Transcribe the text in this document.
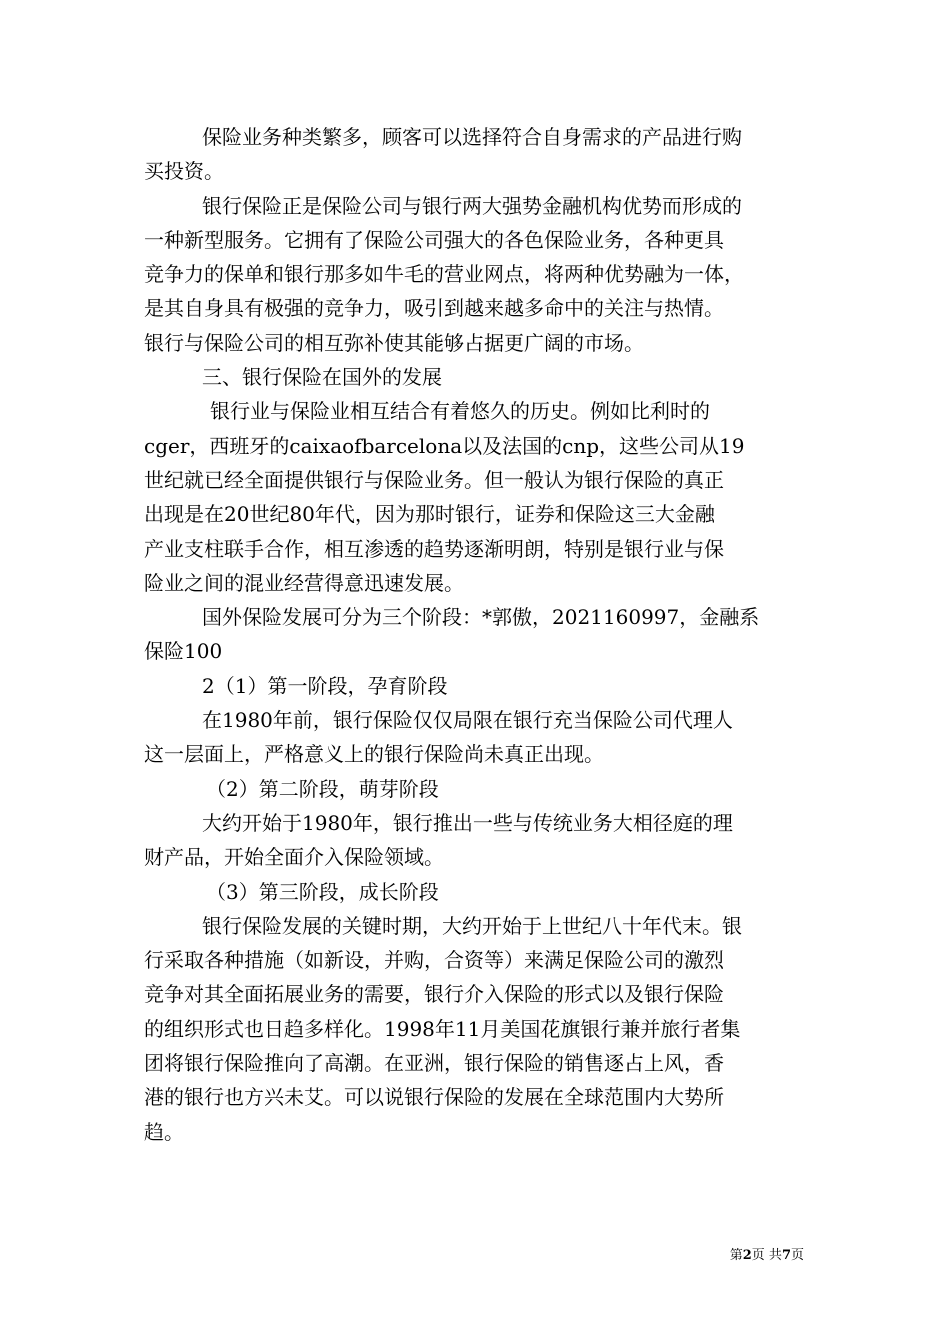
保险业务种类繁多，顾客可以选择符合自身需求的产品进行购

买投资。

银行保险正是保险公司与银行两大强势金融机构优势而形成的

一种新型服务。它拥有了保险公司强大的各色保险业务，各种更具

竞争力的保单和银行那多如牛毛的营业网点，将两种优势融为一体，

是其自身具有极强的竞争力，吸引到越来越多命中的关注与热情。

银行与保险公司的相互弥补使其能够占据更广阔的市场。

三、银行保险在国外的发展

银行业与保险业相互结合有着悠久的历史。例如比利时的

cger，西班牙的caixaofbarcelona以及法国的cnp，这些公司从19

世纪就已经全面提供银行与保险业务。但一般认为银行保险的真正

出现是在20世纪80年代，因为那时银行，证券和保险这三大金融

产业支柱联手合作，相互渗透的趋势逐渐明朗，特别是银行业与保

险业之间的混业经营得意迅速发展。

国外保险发展可分为三个阶段：*郭傲，2021160997，金融系

保险100

2（1）第一阶段，孕育阶段

在1980年前，银行保险仅仅局限在银行充当保险公司代理人

这一层面上，严格意义上的银行保险尚未真正出现。

（2）第二阶段，萌芽阶段

大约开始于1980年，银行推出一些与传统业务大相径庭的理

财产品，开始全面介入保险领域。

（3）第三阶段，成长阶段

银行保险发展的关键时期，大约开始于上世纪八十年代末。银

行采取各种措施（如新设，并购，合资等）来满足保险公司的激烈

竞争对其全面拓展业务的需要，银行介入保险的形式以及银行保险

的组织形式也日趋多样化。1998年11月美国花旗银行兼并旅行者集

团将银行保险推向了高潮。在亚洲，银行保险的销售逐占上风，香

港的银行也方兴未艾。可以说银行保险的发展在全球范围内大势所

趋。

第2页 共7页
